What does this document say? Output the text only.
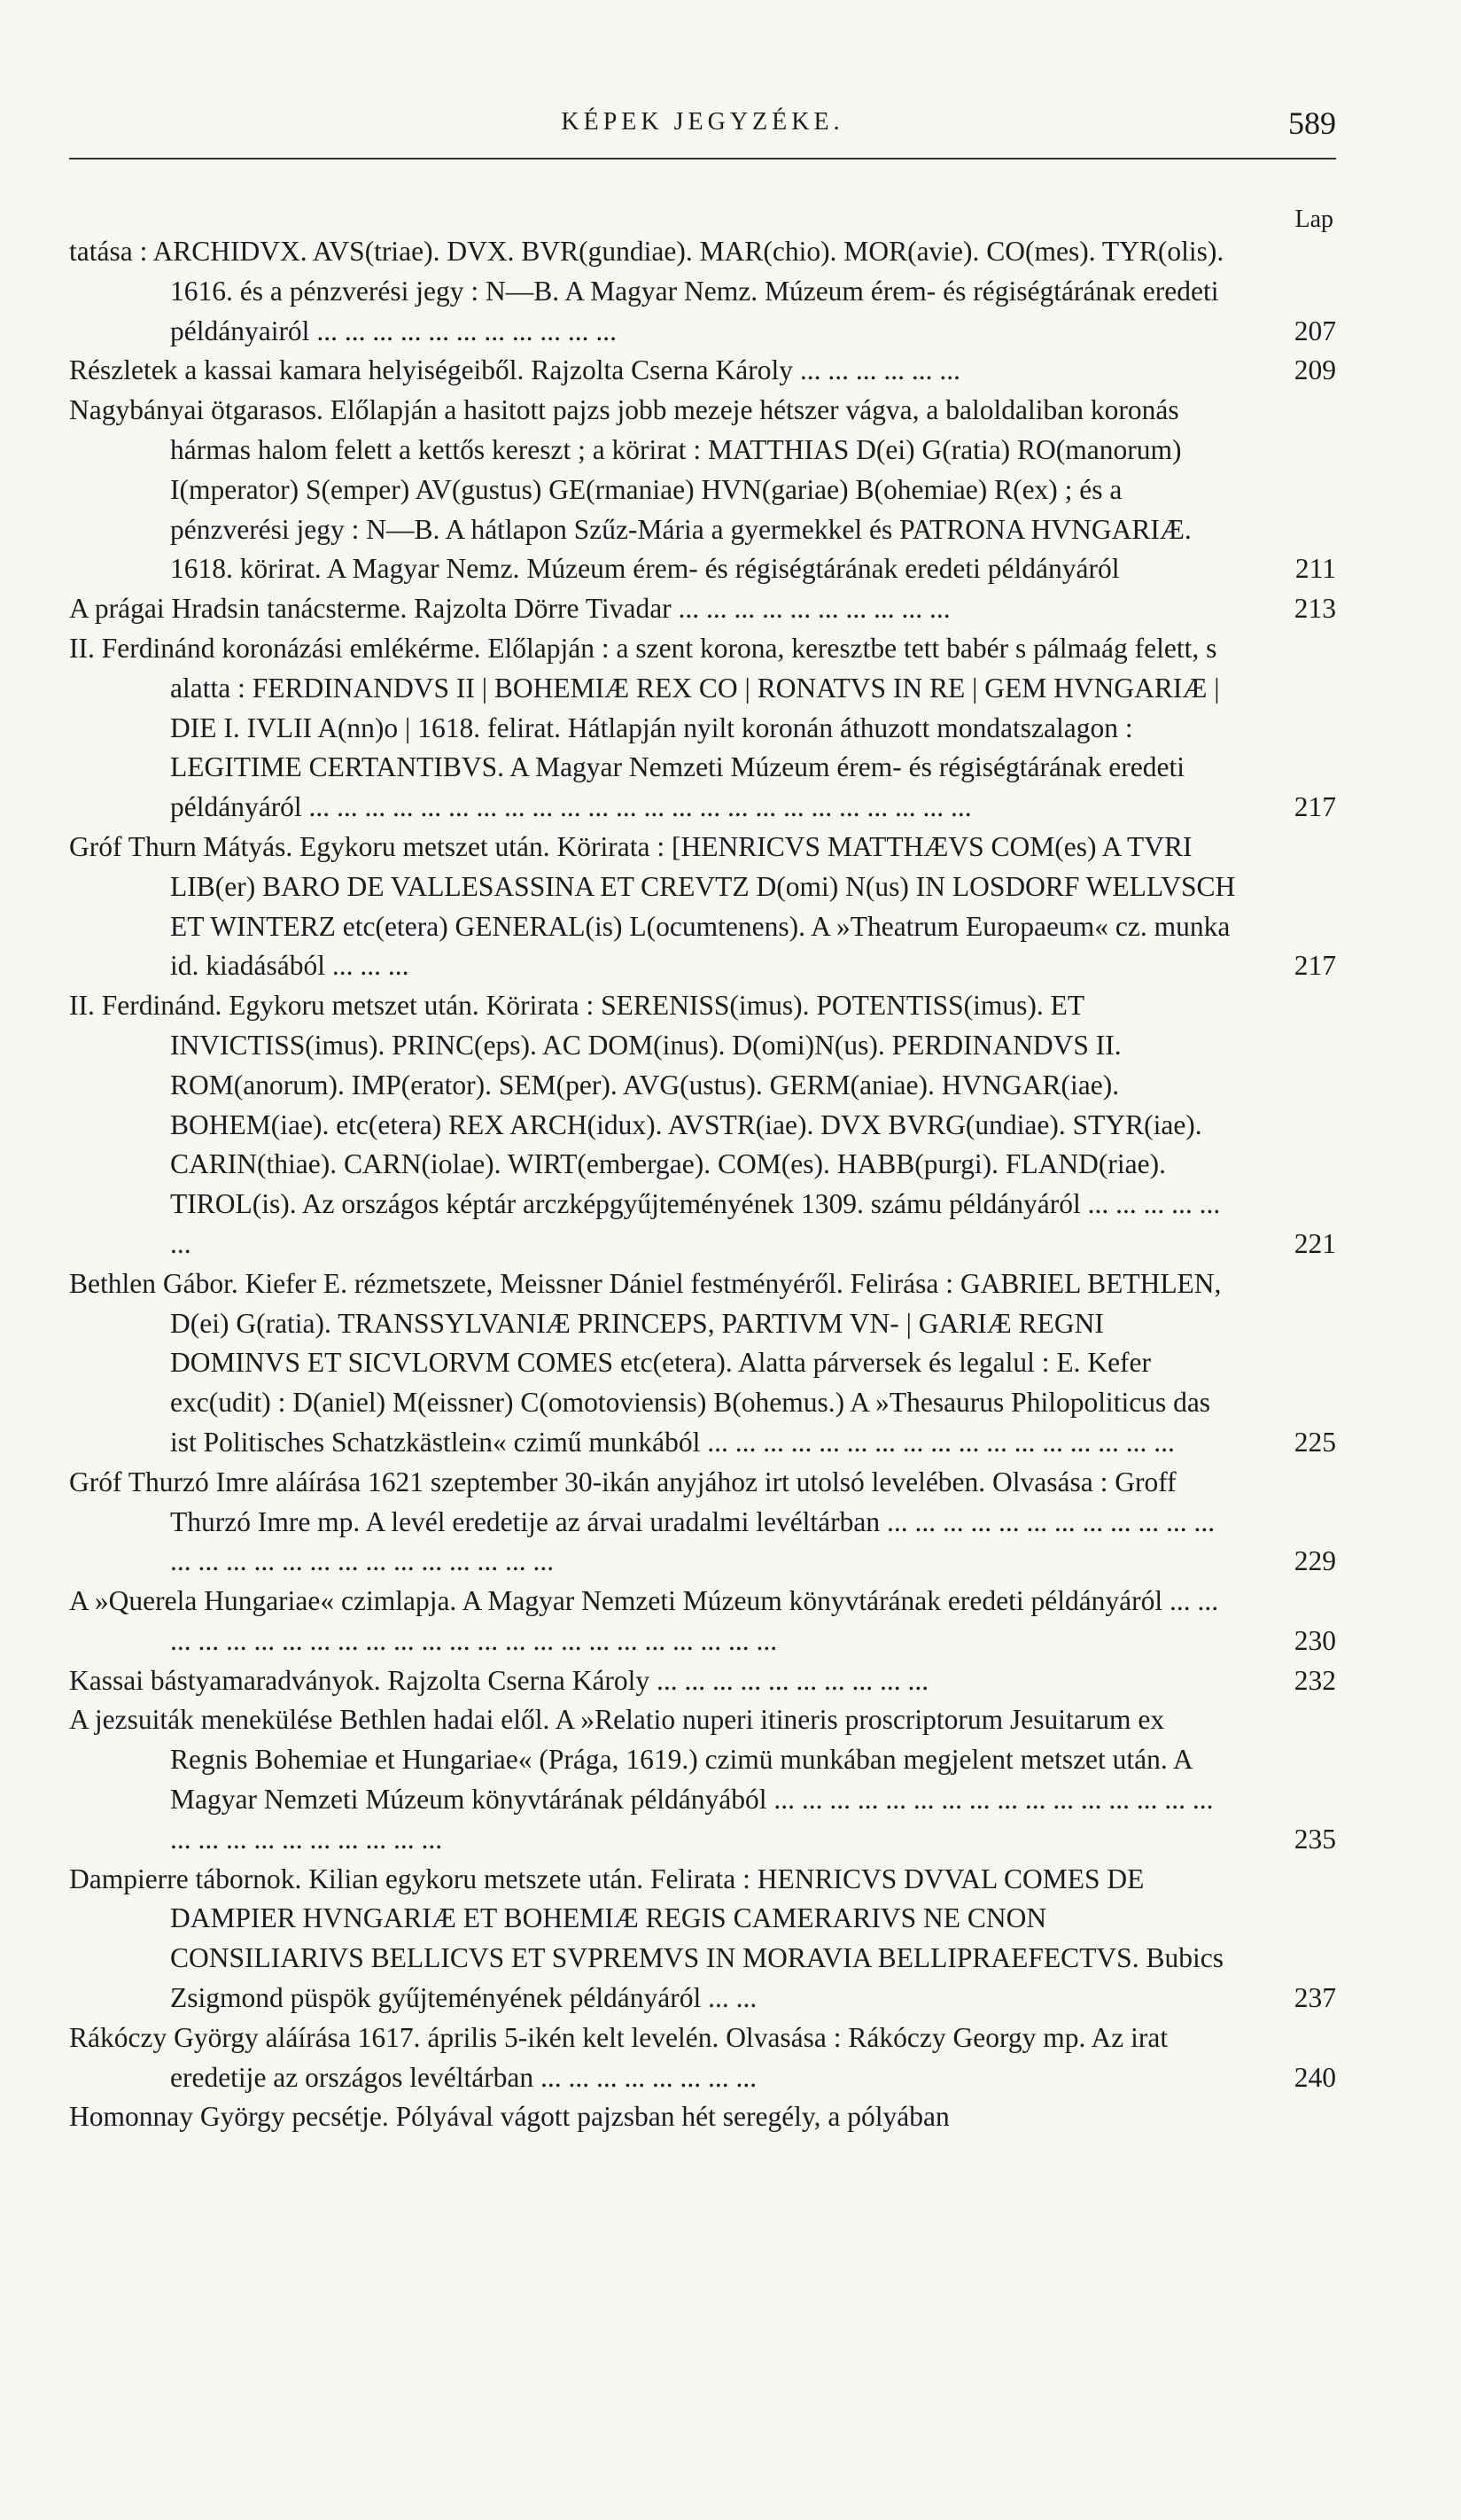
KÉPEK JEGYZÉKE.	589
Lap
tatása : ARCHIDVX. AVS(triae). DVX. BVR(gundiae). MAR(chio). MOR(avie). CO(mes). TYR(olis). 1616. és a pénzverési jegy : N—B. A Magyar Nemz. Múzeum érem- és régiségtárának eredeti példányairól ... ... ... ... ... ... ... ... ... ... ...	207
Részletek a kassai kamara helyiségeiből. Rajzolta Cserna Károly ... ... ... ... ... ...	209
Nagybányai ötgarasos. Előlapján a hasitott pajzs jobb mezeje hétszer vágva, a baloldaliban koronás hármas halom felett a kettős kereszt ; a körirat : MATTHIAS D(ei) G(ratia) RO(manorum) I(mperator) S(emper) AV(gustus) GE(rmaniae) HVN(gariae) B(ohemiae) R(ex) ; és a pénzverési jegy : N—B. A hátlapon Szűz-Mária a gyermekkel és PATRONA HVNGARIÆ. 1618. körirat. A Magyar Nemz. Múzeum érem- és régiségtárának eredeti példányáról	211
A prágai Hradsin tanácsterme. Rajzolta Dörre Tivadar ... ... ... ... ... ... ... ... ... ...	213
II. Ferdinánd koronázási emlékérme. Előlapján : a szent korona, keresztbe tett babér s pálmaág felett, s alatta : FERDINANDVS II | BOHEMIÆ REX CO | RONATVS IN RE | GEM HVNGARIÆ | DIE I. IVLII A(nn)o | 1618. felirat. Hátlapján nyilt koronán áthuzott mondatszalagon : LEGITIME CERTANTIBVS. A Magyar Nemzeti Múzeum érem- és régiségtárának eredeti példányáról ... ... ... ... ... ... ... ... ... ... ... ... ... ... ... ... ... ... ... ... ... ... ... ...	217
Gróf Thurn Mátyás. Egykoru metszet után. Körirata : [HENRICVS MATTHÆVS COM(es) A TVRI LIB(er) BARO DE VALLESASSINA ET CREVTZ D(omi) N(us) IN LOSDORF WELLVSCH ET WINTERZ etc(etera) GENERAL(is) L(ocumtenens). A »Theatrum Europaeum« cz. munka id. kiadásából ... ... ...	217
II. Ferdinánd. Egykoru metszet után. Körirata : SERENISS(imus). POTENTISS(imus). ET INVICTISS(imus). PRINC(eps). AC DOM(inus). D(omi)N(us). PERDINANDVS II. ROM(anorum). IMP(erator). SEM(per). AVG(ustus). GERM(aniae). HVNGAR(iae). BOHEM(iae). etc(etera) REX ARCH(idux). AVSTR(iae). DVX BVRG(undiae). STYR(iae). CARIN(thiae). CARN(iolae). WIRT(embergae). COM(es). HABB(purgi). FLAND(riae). TIROL(is). Az országos képtár arczképgyűjteményének 1309. számu példányáról ... ... ... ... ... ...	221
Bethlen Gábor. Kiefer E. rézmetszete, Meissner Dániel festményéről. Felirása : GABRIEL BETHLEN, D(ei) G(ratia). TRANSSYLVANIÆ PRINCEPS, PARTIVM VN- | GARIÆ REGNI DOMINVS ET SICVLORVM COMES etc(etera). Alatta párversek és legalul : E. Kefer exc(udit) : D(aniel) M(eissner) C(omotoviensis) B(ohemus.) A »Thesaurus Philopoliticus das ist Politisches Schatzkästlein« czimű munkából ... ... ... ... ... ... ... ... ... ... ... ... ... ... ... ... ...	225
Gróf Thurzó Imre aláírása 1621 szeptember 30-ikán anyjához irt utolsó levelében. Olvasása : Groff Thurzó Imre mp. A levél eredetije az árvai uradalmi levéltárban ... ... ... ... ... ... ... ... ... ... ... ... ... ... ... ... ... ... ... ... ... ... ... ... ... ...	229
A »Querela Hungariae« czimlapja. A Magyar Nemzeti Múzeum könyvtárának eredeti példányáról ... ... ... ... ... ... ... ... ... ... ... ... ... ... ... ... ... ... ... ... ... ... ... ...	230
Kassai bástyamaradványok. Rajzolta Cserna Károly ... ... ... ... ... ... ... ... ... ...	232
A jezsuiták menekülése Bethlen hadai elől. A »Relatio nuperi itineris proscriptorum Jesuitarum ex Regnis Bohemiae et Hungariae« (Prága, 1619.) czimü munkában megjelent metszet után. A Magyar Nemzeti Múzeum könyvtárának példányából ... ... ... ... ... ... ... ... ... ... ... ... ... ... ... ... ... ... ... ... ... ... ... ... ... ...	235
Dampierre tábornok. Kilian egykoru metszete után. Felirata : HENRICVS DVVAL COMES DE DAMPIER HVNGARIÆ ET BOHEMIÆ REGIS CAMERARIVS NE CNON CONSILIARIVS BELLICVS ET SVPREMVS IN MORAVIA BELLIPRAEFECTVS. Bubics Zsigmond püspök gyűjteményének példányáról ... ...	237
Rákóczy György aláírása 1617. április 5-ikén kelt levelén. Olvasása : Rákóczy Georgy mp. Az irat eredetije az országos levéltárban ... ... ... ... ... ... ... ...	240
Homonnay György pecsétje. Pólyával vágott pajzsban hét seregély, a pólyában
